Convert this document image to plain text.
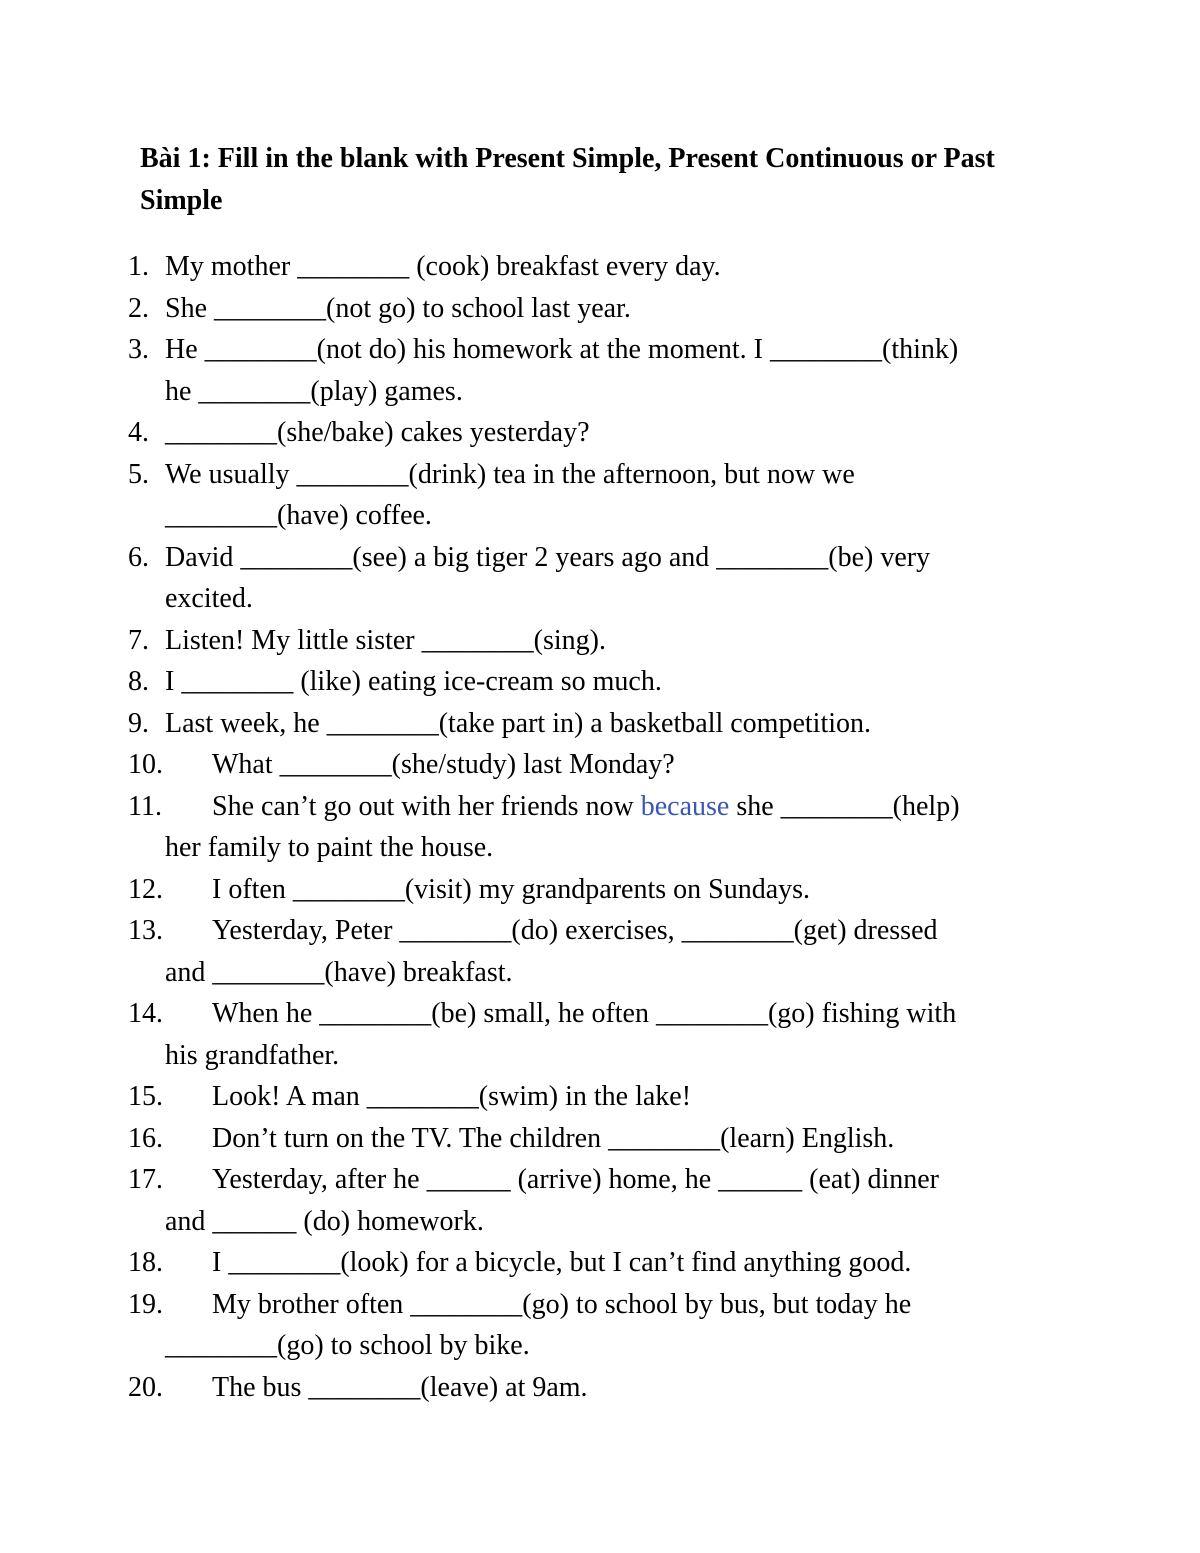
Bài 1: Fill in the blank with Present Simple, Present Continuous or Past Simple
1. My mother ________ (cook) breakfast every day.
2. She ________(not go) to school last year.
3. He ________(not do) his homework at the moment. I ________(think)
he ________(play) games.
4. ________(she/bake) cakes yesterday?
5. We usually ________(drink) tea in the afternoon, but now we
________(have) coffee.
6. David ________(see) a big tiger 2 years ago and ________(be) very
excited.
7. Listen! My little sister ________(sing).
8. I ________ (like) eating ice-cream so much.
9. Last week, he ________(take part in) a basketball competition.
10. What ________(she/study) last Monday?
11. She can’t go out with her friends now because she ________(help)
her family to paint the house.
12. I often ________(visit) my grandparents on Sundays.
13. Yesterday, Peter ________(do) exercises, ________(get) dressed
and ________(have) breakfast.
14. When he ________(be) small, he often ________(go) fishing with
his grandfather.
15. Look! A man ________(swim) in the lake!
16. Don’t turn on the TV. The children ________(learn) English.
17. Yesterday, after he ______ (arrive) home, he ______ (eat) dinner
and ______ (do) homework.
18. I ________(look) for a bicycle, but I can’t find anything good.
19. My brother often ________(go) to school by bus, but today he
________(go) to school by bike.
20. The bus ________(leave) at 9am.
